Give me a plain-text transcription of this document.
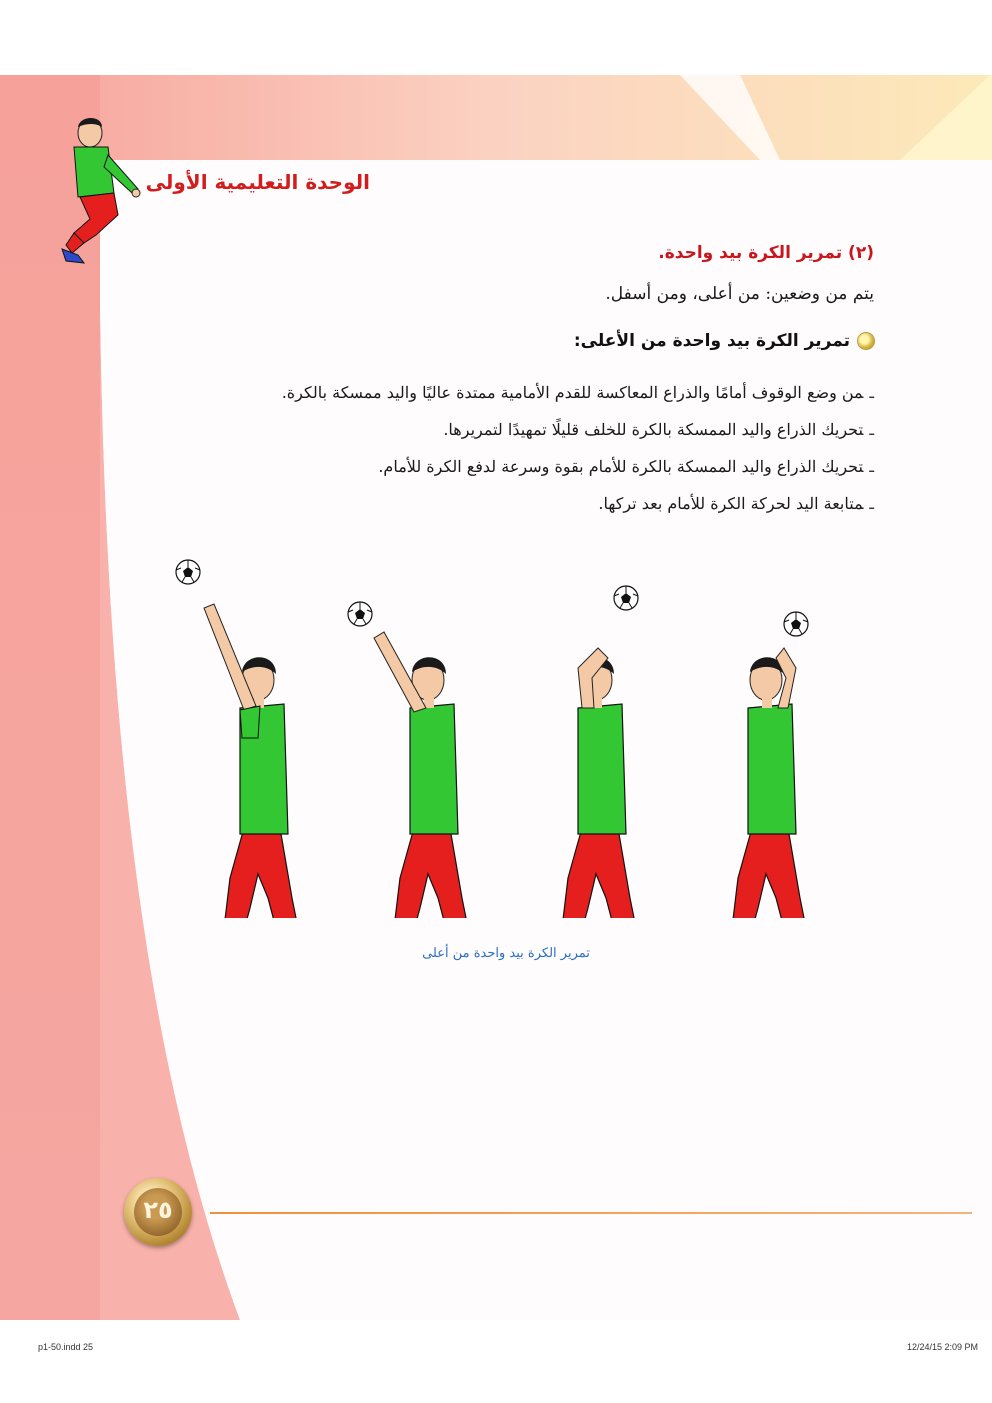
الوحدة التعليمية الأولى
(٢) تمرير الكرة بيد واحدة.
يتم من وضعين: من أعلى، ومن أسفل.
تمرير الكرة بيد واحدة من الأعلى:
ـمن وضع الوقوف أمامًا والذراع المعاكسة للقدم الأمامية ممتدة عاليًا واليد ممسكة بالكرة.
ـتحريك الذراع واليد الممسكة بالكرة للخلف قليلًا تمهيدًا لتمريرها.
ـتحريك الذراع واليد الممسكة بالكرة للأمام بقوة وسرعة لدفع الكرة للأمام.
ـمتابعة اليد لحركة الكرة للأمام بعد تركها.
تمرير الكرة بيد واحدة من أعلى
٢٥
p1-50.indd 25	12/24/15 2:09 PM
